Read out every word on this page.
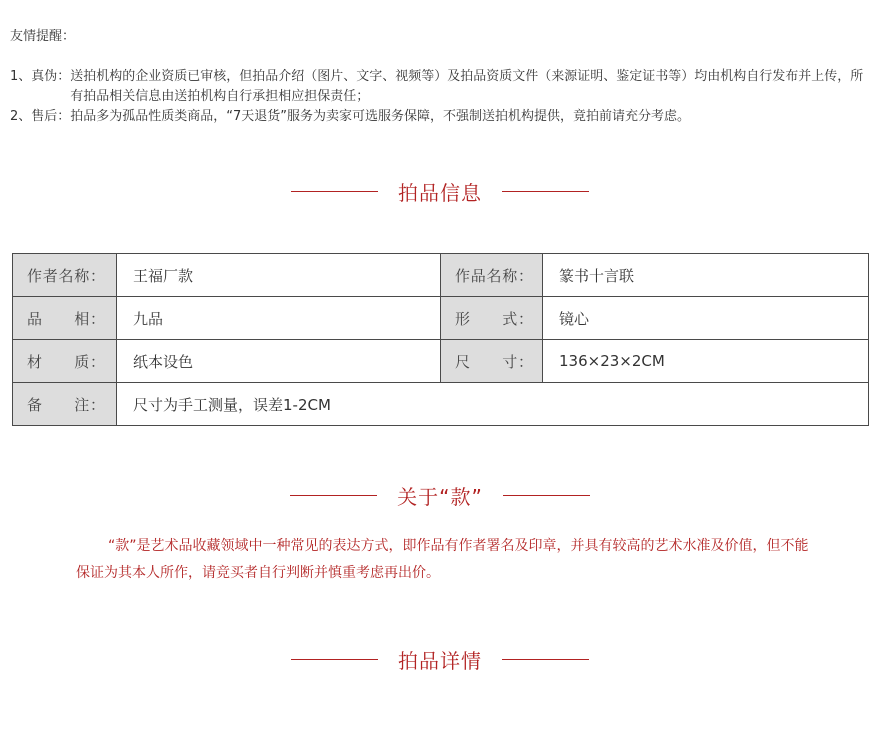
友情提醒：
1、真伪： 送拍机构的企业资质已审核，但拍品介绍（图片、文字、视频等）及拍品资质文件（来源证明、鉴定证书等）均由机构自行发布并上传，所有拍品相关信息由送拍机构自行承担相应担保责任；
2、售后： 拍品多为孤品性质类商品，“7天退货”服务为卖家可选服务保障，不强制送拍机构提供，竟拍前请充分考虑。
拍品信息
作者名称：	王福厂款	作品名称：	篆书十言联
品　　相：	九品	形　　式：	镜心
材　　质：	纸本设色	尺　　寸：	136×23×2CM
备　　注：	尺寸为手工测量，误差1-2CM		
关于“款”
“款”是艺术品收藏领域中一种常见的表达方式，即作品有作者署名及印章，并具有较高的艺术水准及价值，但不能保证为其本人所作，请竞买者自行判断并慎重考虑再出价。
拍品详情
